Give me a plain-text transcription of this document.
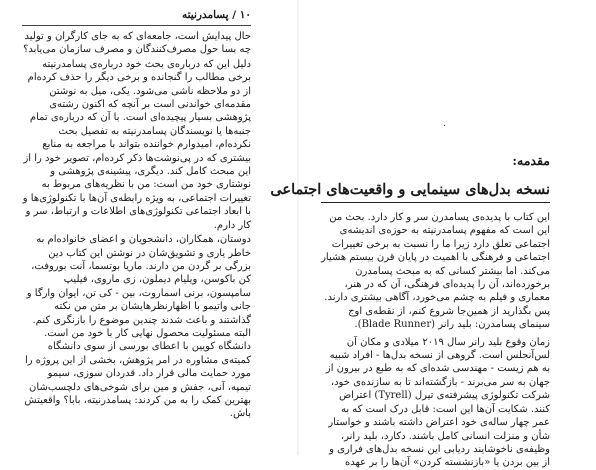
۱۰ / پسامدرنیته

حال پیدایش است، جامعه‌ای که به جای کارگران و تولید چه بسا حول مصرف‌کنندگان و مصرف سازمان می‌یابد؟

دلیل این که درباره‌ی بحث خود درباره‌ی پسامدرنیته برخی مطالب را گنجانده و برخی دیگر را حذف کرده‌ام از دو ملاحظه ناشی می‌شود. یکی، میل به نوشتن مقدمه‌ای خواندنی است بر آنچه که اکنون رشته‌ی پژوهشی بسیار پیچیده‌ای است. با آن که درباره‌ی تمام جنبه‌ها یا نویسندگان پسامدرنیته به تفصیل بحث نکرده‌ام، امیدوارم خواننده بتواند با مراجعه به منابع بیشتری که در پی‌نوشت‌ها ذکر کرده‌ام، تصویر خود را از این مبحث کامل کند. دیگری، پیشینه‌ی پژوهشی و نوشتاری خود من است: من با نظریه‌های مربوط به تغییرات اجتماعی، به ویژه رابطه‌ی آن‌ها با تکنولوژی‌ها و با ابعاد اجتماعی تکنولوژی‌های اطلاعات و ارتباط، سر و کار دارم.

دوستان، همکاران، دانشجویان و اعضای خانواده‌ام به خاطر یاری و تشویق‌شان در نوشتن این کتاب دین بزرگی بر گردن من دارند. ماریا بوتسما، آنت بوروفت، کن باکوسن، ویلیام دیملون، زی ماروی، فیلیپ سامپسون، برنی اسماروت، بین - کی تن، ایوان وارگا و جانی واتیمو با اظهارنظرهایشان بر متن من نکته گذاشتند و باعث شدند چندین موضوع را بازنگری کنم. البته مسئولیت محصول نهایی کار با خود من است. دانشگاه کویین با اعطای بورسی از سوی دانشگاه کمیته‌ی مشاوره در امر پژوهش، بخشی از این پروژه را مورد حمایت مالی قرار داد. قدردان سوزی، سیمو تیمپه، آنی، جفش و مین برای شوخی‌های دلچسب‌شان بهترین کمک را به من کردند: پسامدرنیته، بابا؟ واقعیتش باش.

.
مقدمه:
نسخه بدل‌های سینمایی و واقعیت‌های اجتماعی

این کتاب با پدیده‌ی پسامدرن سر و کار دارد. بحث من این است که مفهوم پسامدرنیته به حوزه‌ی اندیشه‌ی اجتماعی تعلق دارد زیرا ما را نسبت به برخی تغییرات اجتماعی و فرهنگی با اهمیت در پایان قرن بیستم هشیار می‌کند. اما بیشتر کسانی که به مبحث پسامدرن برخورده‌اند، آن را پدیده‌ای فرهنگی، آن که در هنر، معماری و فیلم به چشم می‌خورد، آگاهی بیشتری دارند. پس بگذارید از همین‌جا شروع کنم، از نقطه‌ی اوج سینمای پسامدرن: بلید رانر (Blade Runner).

زمان وقوع بلید رانر سال ۲۰۱۹ میلادی و مکان آن لس‌آنجلس است. گروهی از نسخه بدل‌ها - افراد شبیه به هم زیست - مهندسی شده‌ای که به طبع در بیرون از جهان به سر می‌برند - بازگشته‌اند تا به سازنده‌ی خود، شرکت تکنولوژی پیشرفته‌ی تیرل (Tyrell) اعتراض کنند. شکایت آن‌ها این است: قابل درک است که به عمر چهار ساله‌ی خود اعتراض داشته باشند و خواستار شأن و منزلت انسانی کامل باشند. دکارد، بلید رانر، وظیفه‌ی ناخوشایند ردیابی این نسخه بدل‌های فراری و از بین بردن یا «بازنشسته کردن» آن‌ها را بر عهده
